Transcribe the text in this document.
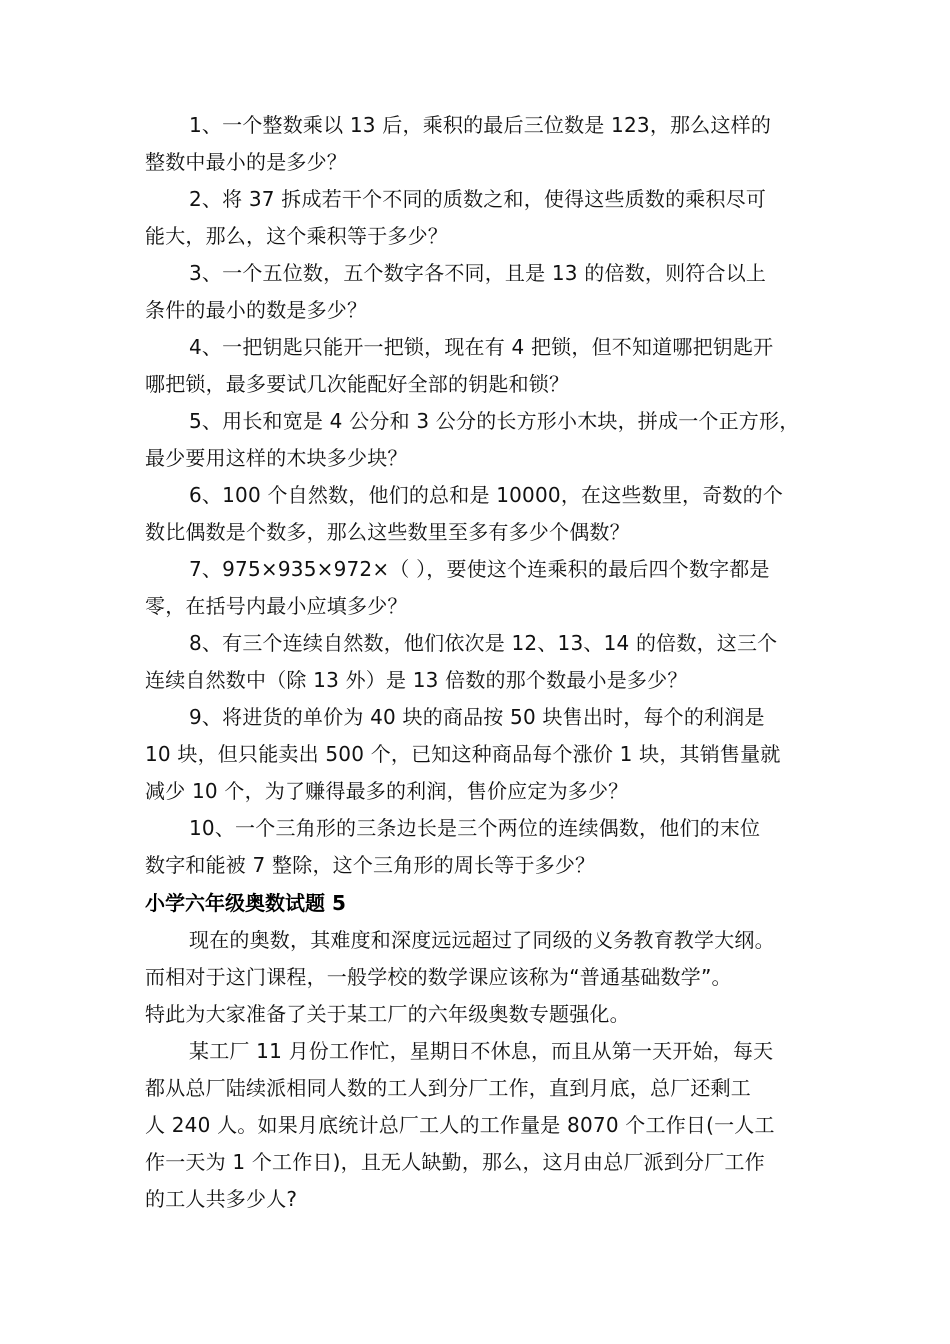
1、一个整数乘以 13 后，乘积的最后三位数是 123，那么这样的
整数中最小的是多少？
2、将 37 拆成若干个不同的质数之和，使得这些质数的乘积尽可
能大，那么，这个乘积等于多少？
3、一个五位数，五个数字各不同，且是 13 的倍数，则符合以上
条件的最小的数是多少？
4、一把钥匙只能开一把锁，现在有 4 把锁，但不知道哪把钥匙开
哪把锁，最多要试几次能配好全部的钥匙和锁？
5、用长和宽是 4 公分和 3 公分的长方形小木块，拼成一个正方形，
最少要用这样的木块多少块？
6、100 个自然数，他们的总和是 10000，在这些数里，奇数的个
数比偶数是个数多，那么这些数里至多有多少个偶数？
7、975×935×972×（ ），要使这个连乘积的最后四个数字都是
零，在括号内最小应填多少？
8、有三个连续自然数，他们依次是 12、13、14 的倍数，这三个
连续自然数中（除 13 外）是 13 倍数的那个数最小是多少？
9、将进货的单价为 40 块的商品按 50 块售出时，每个的利润是
10 块，但只能卖出 500 个，已知这种商品每个涨价 1 块，其销售量就
减少 10 个，为了赚得最多的利润，售价应定为多少？
10、一个三角形的三条边长是三个两位的连续偶数，他们的末位
数字和能被 7 整除，这个三角形的周长等于多少？
小学六年级奥数试题 5
现在的奥数，其难度和深度远远超过了同级的义务教育教学大纲。
而相对于这门课程，一般学校的数学课应该称为“普通基础数学”。
特此为大家准备了关于某工厂的六年级奥数专题强化。
某工厂 11 月份工作忙，星期日不休息，而且从第一天开始，每天
都从总厂陆续派相同人数的工人到分厂工作，直到月底，总厂还剩工
人 240 人。如果月底统计总厂工人的工作量是 8070 个工作日(一人工
作一天为 1 个工作日)，且无人缺勤，那么，这月由总厂派到分厂工作
的工人共多少人?
